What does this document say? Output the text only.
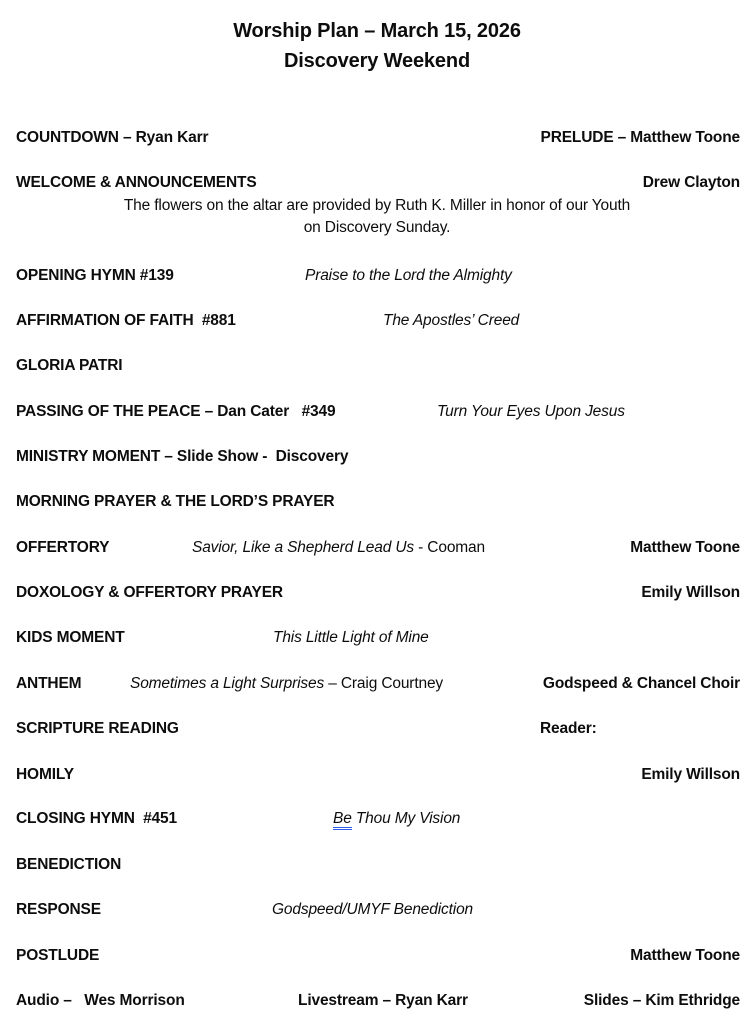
Worship Plan – March 15, 2026
Discovery Weekend
COUNTDOWN – Ryan Karr	PRELUDE – Matthew Toone
WELCOME & ANNOUNCEMENTS	Drew Clayton
The flowers on the altar are provided by Ruth K. Miller in honor of our Youth
on Discovery Sunday.
OPENING HYMN #139	Praise to the Lord the Almighty
AFFIRMATION OF FAITH  #881	The Apostles’ Creed
GLORIA PATRI
PASSING OF THE PEACE – Dan Cater   #349	Turn Your Eyes Upon Jesus
MINISTRY MOMENT – Slide Show -  Discovery
MORNING PRAYER & THE LORD’S PRAYER
OFFERTORY	Savior, Like a Shepherd Lead Us - Cooman	Matthew Toone
DOXOLOGY & OFFERTORY PRAYER	Emily Willson
KIDS MOMENT	This Little Light of Mine
ANTHEM	Sometimes a Light Surprises – Craig Courtney	Godspeed & Chancel Choir
SCRIPTURE READING	Reader:
HOMILY	Emily Willson
CLOSING HYMN  #451	Be Thou My Vision
BENEDICTION
RESPONSE	Godspeed/UMYF Benediction
POSTLUDE	Matthew Toone
Audio –   Wes Morrison	Livestream – Ryan Karr	Slides – Kim Ethridge
